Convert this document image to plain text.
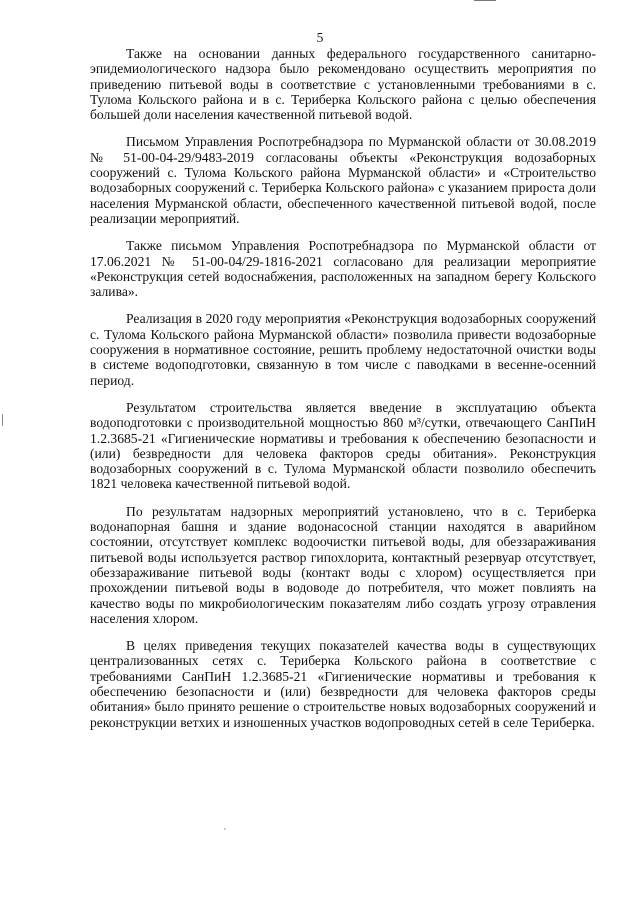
5

Также на основании данных федерального государственного санитарно-эпидемиологического надзора было рекомендовано осуществить мероприятия по приведению питьевой воды в соответствие с установленными требованиями в с. Тулома Кольского района и в с. Териберка Кольского района с целью обеспечения большей доли населения качественной питьевой водой.

Письмом Управления Роспотребнадзора по Мурманской области от 30.08.2019 № 51-00-04-29/9483-2019 согласованы объекты «Реконструкция водозаборных сооружений с. Тулома Кольского района Мурманской области» и «Строительство водозаборных сооружений с. Териберка Кольского района» с указанием прироста доли населения Мурманской области, обеспеченного качественной питьевой водой, после реализации мероприятий.

Также письмом Управления Роспотребнадзора по Мурманской области от 17.06.2021 № 51-00-04/29-1816-2021 согласовано для реализации мероприятие «Реконструкция сетей водоснабжения, расположенных на западном берегу Кольского залива».

Реализация в 2020 году мероприятия «Реконструкция водозаборных сооружений с. Тулома Кольского района Мурманской области» позволила привести водозаборные сооружения в нормативное состояние, решить проблему недостаточной очистки воды в системе водоподготовки, связанную в том числе с паводками в весенне-осенний период.

Результатом строительства является введение в эксплуатацию объекта водоподготовки с производительной мощностью 860 м³/сутки, отвечающего СанПиН 1.2.3685-21 «Гигиенические нормативы и требования к обеспечению безопасности и (или) безвредности для человека факторов среды обитания». Реконструкция водозаборных сооружений в с. Тулома Мурманской области позволило обеспечить 1821 человека качественной питьевой водой.

По результатам надзорных мероприятий установлено, что в с. Териберка водонапорная башня и здание водонасосной станции находятся в аварийном состоянии, отсутствует комплекс водоочистки питьевой воды, для обеззараживания питьевой воды используется раствор гипохлорита, контактный резервуар отсутствует, обеззараживание питьевой воды (контакт воды с хлором) осуществляется при прохождении питьевой воды в водоводе до потребителя, что может повлиять на качество воды по микробиологическим показателям либо создать угрозу отравления населения хлором.

В целях приведения текущих показателей качества воды в существующих централизованных сетях с. Териберка Кольского района в соответствие с требованиями СанПиН 1.2.3685-21 «Гигиенические нормативы и требования к обеспечению безопасности и (или) безвредности для человека факторов среды обитания» было принято решение о строительстве новых водозаборных сооружений и реконструкции ветхих и изношенных участков водопроводных сетей в селе Териберка.
